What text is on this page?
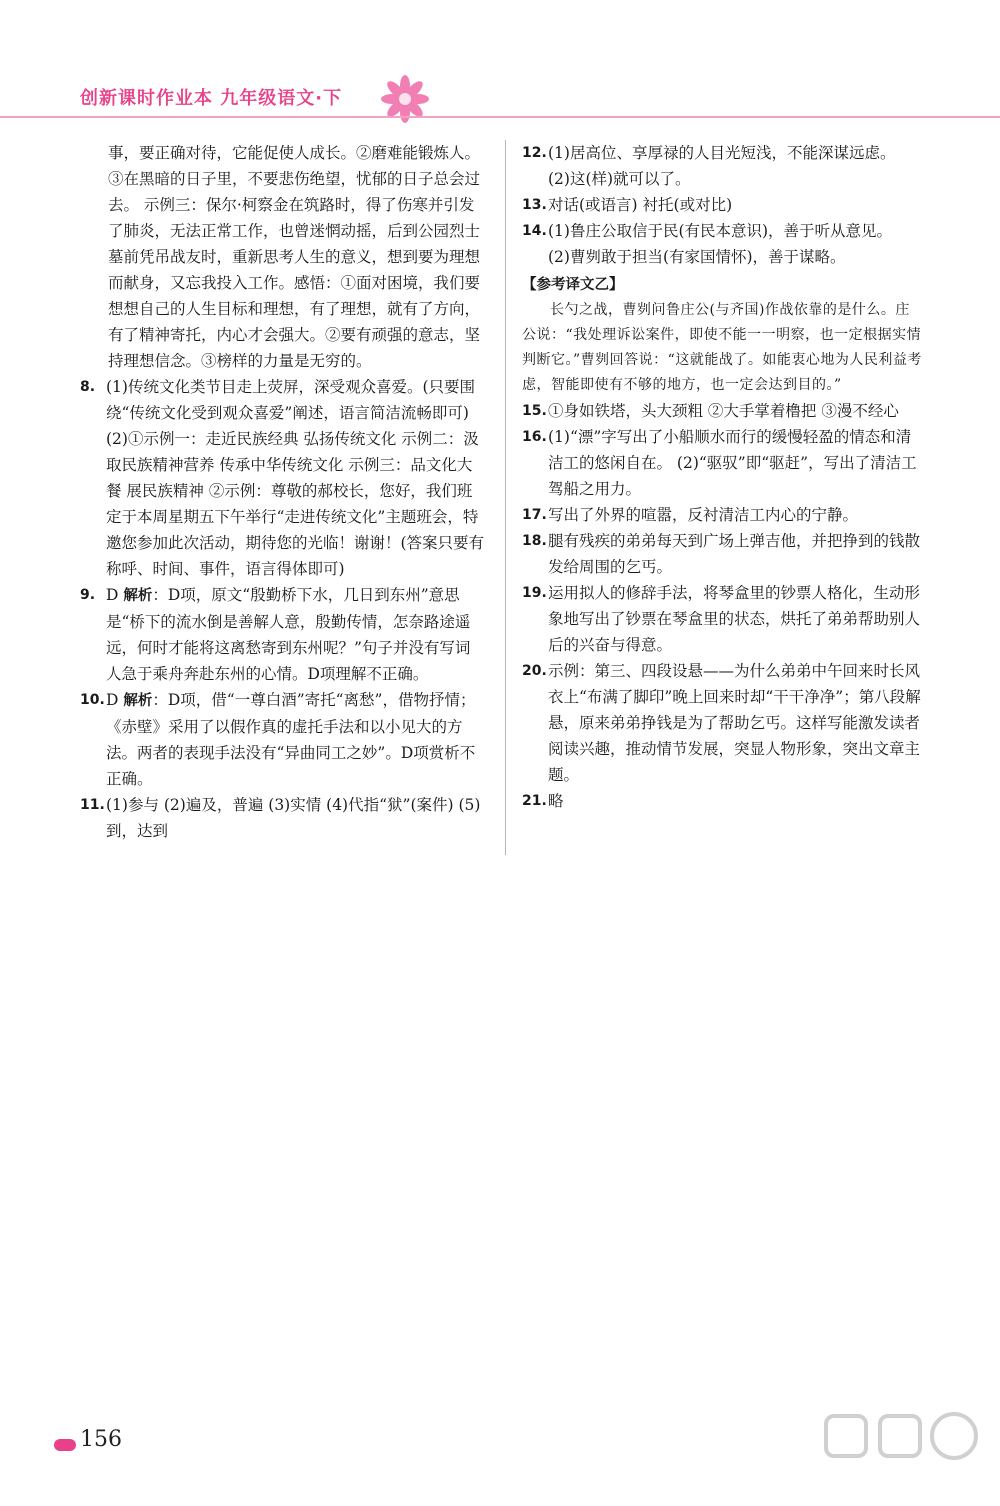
创新课时作业本 九年级语文·下
事，要正确对待，它能促使人成长。②磨难能锻炼人。③在黑暗的日子里，不要悲伤绝望，忧郁的日子总会过去。 示例三：保尔·柯察金在筑路时，得了伤寒并引发了肺炎，无法正常工作，也曾迷惘动摇，后到公园烈士墓前凭吊战友时，重新思考人生的意义，想到要为理想而献身，又忘我投入工作。感悟：①面对困境，我们要想想自己的人生目标和理想，有了理想，就有了方向，有了精神寄托，内心才会强大。②要有顽强的意志，坚持理想信念。③榜样的力量是无穷的。
8. (1)传统文化类节目走上荧屏，深受观众喜爱。(只要围绕“传统文化受到观众喜爱”阐述，语言简洁流畅即可) (2)①示例一：走近民族经典 弘扬传统文化 示例二：汲取民族精神营养 传承中华传统文化 示例三：品文化大餐 展民族精神 ②示例：尊敬的郝校长，您好，我们班定于本周星期五下午举行“走进传统文化”主题班会，特邀您参加此次活动，期待您的光临！谢谢！(答案只要有称呼、时间、事件，语言得体即可)
9. D 解析：D项，原文“殷勤桥下水，几日到东州”意思是“桥下的流水倒是善解人意，殷勤传情，怎奈路途遥远，何时才能将这离愁寄到东州呢？”句子并没有写词人急于乘舟奔赴东州的心情。D项理解不正确。
10. D 解析：D项，借“一尊白酒”寄托“离愁”，借物抒情；《赤壁》采用了以假作真的虚托手法和以小见大的方法。两者的表现手法没有“异曲同工之妙”。D项赏析不正确。
11. (1)参与 (2)遍及，普遍 (3)实情 (4)代指“狱”(案件) (5)到，达到
12. (1)居高位、享厚禄的人目光短浅，不能深谋远虑。
(2)这(样)就可以了。
13. 对话(或语言) 衬托(或对比)
14. (1)鲁庄公取信于民(有民本意识)，善于听从意见。
(2)曹刿敢于担当(有家国情怀)，善于谋略。
【参考译文乙】
长勺之战，曹刿问鲁庄公(与齐国)作战依靠的是什么。庄公说：“我处理诉讼案件，即使不能一一明察，也一定根据实情判断它。”曹刿回答说：“这就能战了。如能衷心地为人民利益考虑，智能即使有不够的地方，也一定会达到目的。”
15. ①身如铁塔，头大颈粗 ②大手掌着橹把 ③漫不经心
16. (1)“漂”字写出了小船顺水而行的缓慢轻盈的情态和清洁工的悠闲自在。 (2)“驱驭”即“驱赶”，写出了清洁工驾船之用力。
17. 写出了外界的喧嚣，反衬清洁工内心的宁静。
18. 腿有残疾的弟弟每天到广场上弹吉他，并把挣到的钱散发给周围的乞丐。
19. 运用拟人的修辞手法，将琴盒里的钞票人格化，生动形象地写出了钞票在琴盒里的状态，烘托了弟弟帮助别人后的兴奋与得意。
20. 示例：第三、四段设悬——为什么弟弟中午回来时长风衣上“布满了脚印”晚上回来时却“干干净净”；第八段解悬，原来弟弟挣钱是为了帮助乞丐。这样写能激发读者阅读兴趣，推动情节发展，突显人物形象，突出文章主题。
21. 略
156
